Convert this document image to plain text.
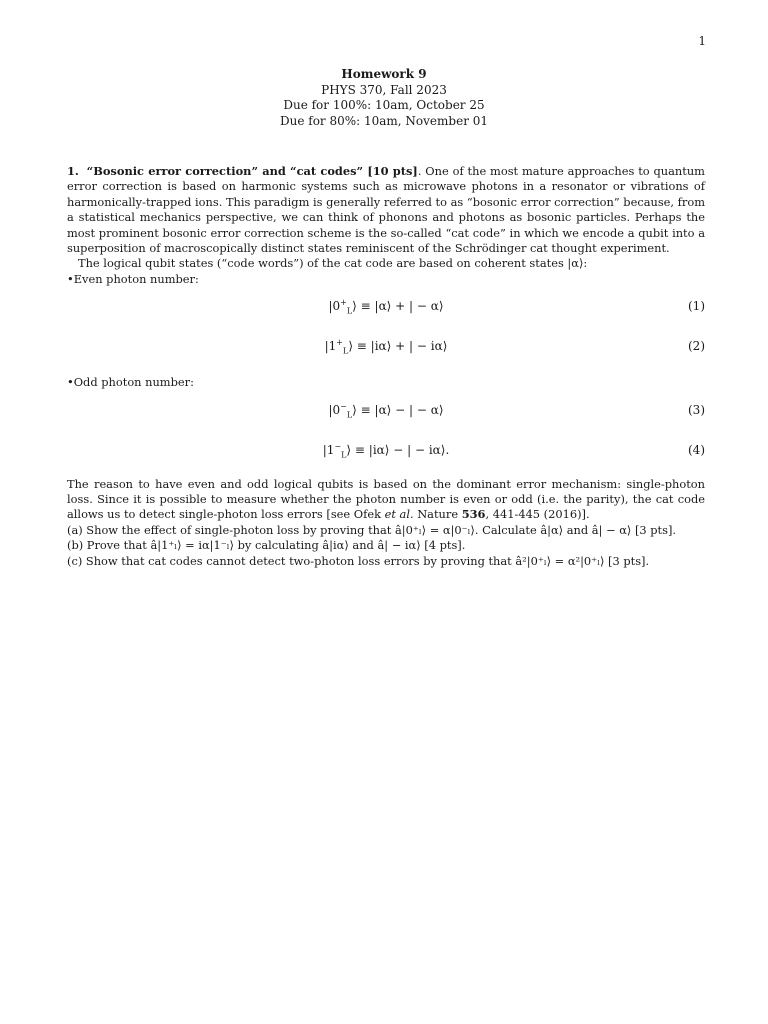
1
Homework 9
PHYS 370, Fall 2023
Due for 100%: 10am, October 25
Due for 80%: 10am, November 01

1. “Bosonic error correction” and “cat codes” [10 pts]. One of the most mature approaches to quantum error correction is based on harmonic systems such as microwave photons in a resonator or vibrations of harmonically-trapped ions. This paradigm is generally referred to as “bosonic error correction” because, from a statistical mechanics perspective, we can think of phonons and photons as bosonic particles. Perhaps the most prominent bosonic error correction scheme is the so-called “cat code” in which we encode a qubit into a superposition of macroscopically distinct states reminiscent of the Schrödinger cat thought experiment.

The logical qubit states (“code words”) of the cat code are based on coherent states |α⟩:

•Even photon number:

$|0^+_L⟩$ ≡ |α⟩ + | − α⟩	(1)
$|1^+_L⟩$ ≡ |iα⟩ + | − iα⟩	(2)

•Odd photon number:

$|0^-_L⟩$ ≡ |α⟩ − | − α⟩	(3)
$|1^-_L⟩$ ≡ |iα⟩ − | − iα⟩.	(4)

The reason to have even and odd logical qubits is based on the dominant error mechanism: single-photon loss. Since it is possible to measure whether the photon number is even or odd (i.e. the parity), the cat code allows us to detect single-photon loss errors [see Ofek et al. Nature 536, 441-445 (2016)].

(a) Show the effect of single-photon loss by proving that â|0⁺ₗ⟩ = α|0⁻ₗ⟩. Calculate â|α⟩ and â| − α⟩ [3 pts].

(b) Prove that â|1⁺ₗ⟩ = iα|1⁻ₗ⟩ by calculating â|iα⟩ and â| − iα⟩ [4 pts].

(c) Show that cat codes cannot detect two-photon loss errors by proving that â²|0⁺ₗ⟩ = α²|0⁺ₗ⟩ [3 pts].
